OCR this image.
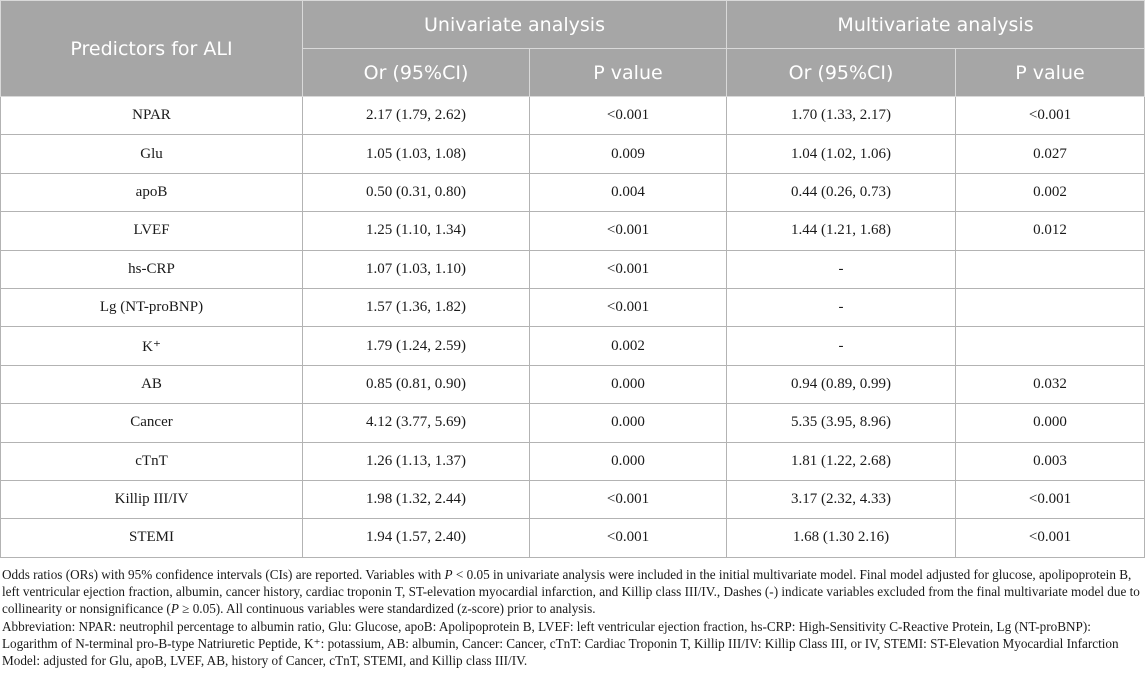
Predictors for ALI	Univariate analysis		Multivariate analysis	
	Or (95%CI)	P value	Or (95%CI)	P value
NPAR	2.17 (1.79, 2.62)	<0.001	1.70 (1.33, 2.17)	<0.001
Glu	1.05 (1.03, 1.08)	0.009	1.04 (1.02, 1.06)	0.027
apoB	0.50 (0.31, 0.80)	0.004	0.44 (0.26, 0.73)	0.002
LVEF	1.25 (1.10, 1.34)	<0.001	1.44 (1.21, 1.68)	0.012
hs-CRP	1.07 (1.03, 1.10)	<0.001	-	
Lg (NT-proBNP)	1.57 (1.36, 1.82)	<0.001	-	
K⁺	1.79 (1.24, 2.59)	0.002	-	
AB	0.85 (0.81, 0.90)	0.000	0.94 (0.89, 0.99)	0.032
Cancer	4.12 (3.77, 5.69)	0.000	5.35 (3.95, 8.96)	0.000
cTnT	1.26 (1.13, 1.37)	0.000	1.81 (1.22, 2.68)	0.003
Killip III/IV	1.98 (1.32, 2.44)	<0.001	3.17 (2.32, 4.33)	<0.001
STEMI	1.94 (1.57, 2.40)	<0.001	1.68 (1.30 2.16)	<0.001

Odds ratios (ORs) with 95% confidence intervals (CIs) are reported. Variables with P < 0.05 in univariate analysis were included in the initial multivariate model. Final model adjusted for glucose, apolipoprotein B, left ventricular ejection fraction, albumin, cancer history, cardiac troponin T, ST-elevation myocardial infarction, and Killip class III/IV., Dashes (-) indicate variables excluded from the final multivariate model due to collinearity or nonsignificance (P ≥ 0.05). All continuous variables were standardized (z-score) prior to analysis.

Abbreviation: NPAR: neutrophil percentage to albumin ratio, Glu: Glucose, apoB: Apolipoprotein B, LVEF: left ventricular ejection fraction, hs-CRP: High-Sensitivity C-Reactive Protein, Lg (NT-proBNP): Logarithm of N-terminal pro-B-type Natriuretic Peptide, K⁺: potassium, AB: albumin, Cancer: Cancer, cTnT: Cardiac Troponin T, Killip III/IV: Killip Class III, or IV, STEMI: ST-Elevation Myocardial Infarction Model: adjusted for Glu, apoB, LVEF, AB, history of Cancer, cTnT, STEMI, and Killip class III/IV.
